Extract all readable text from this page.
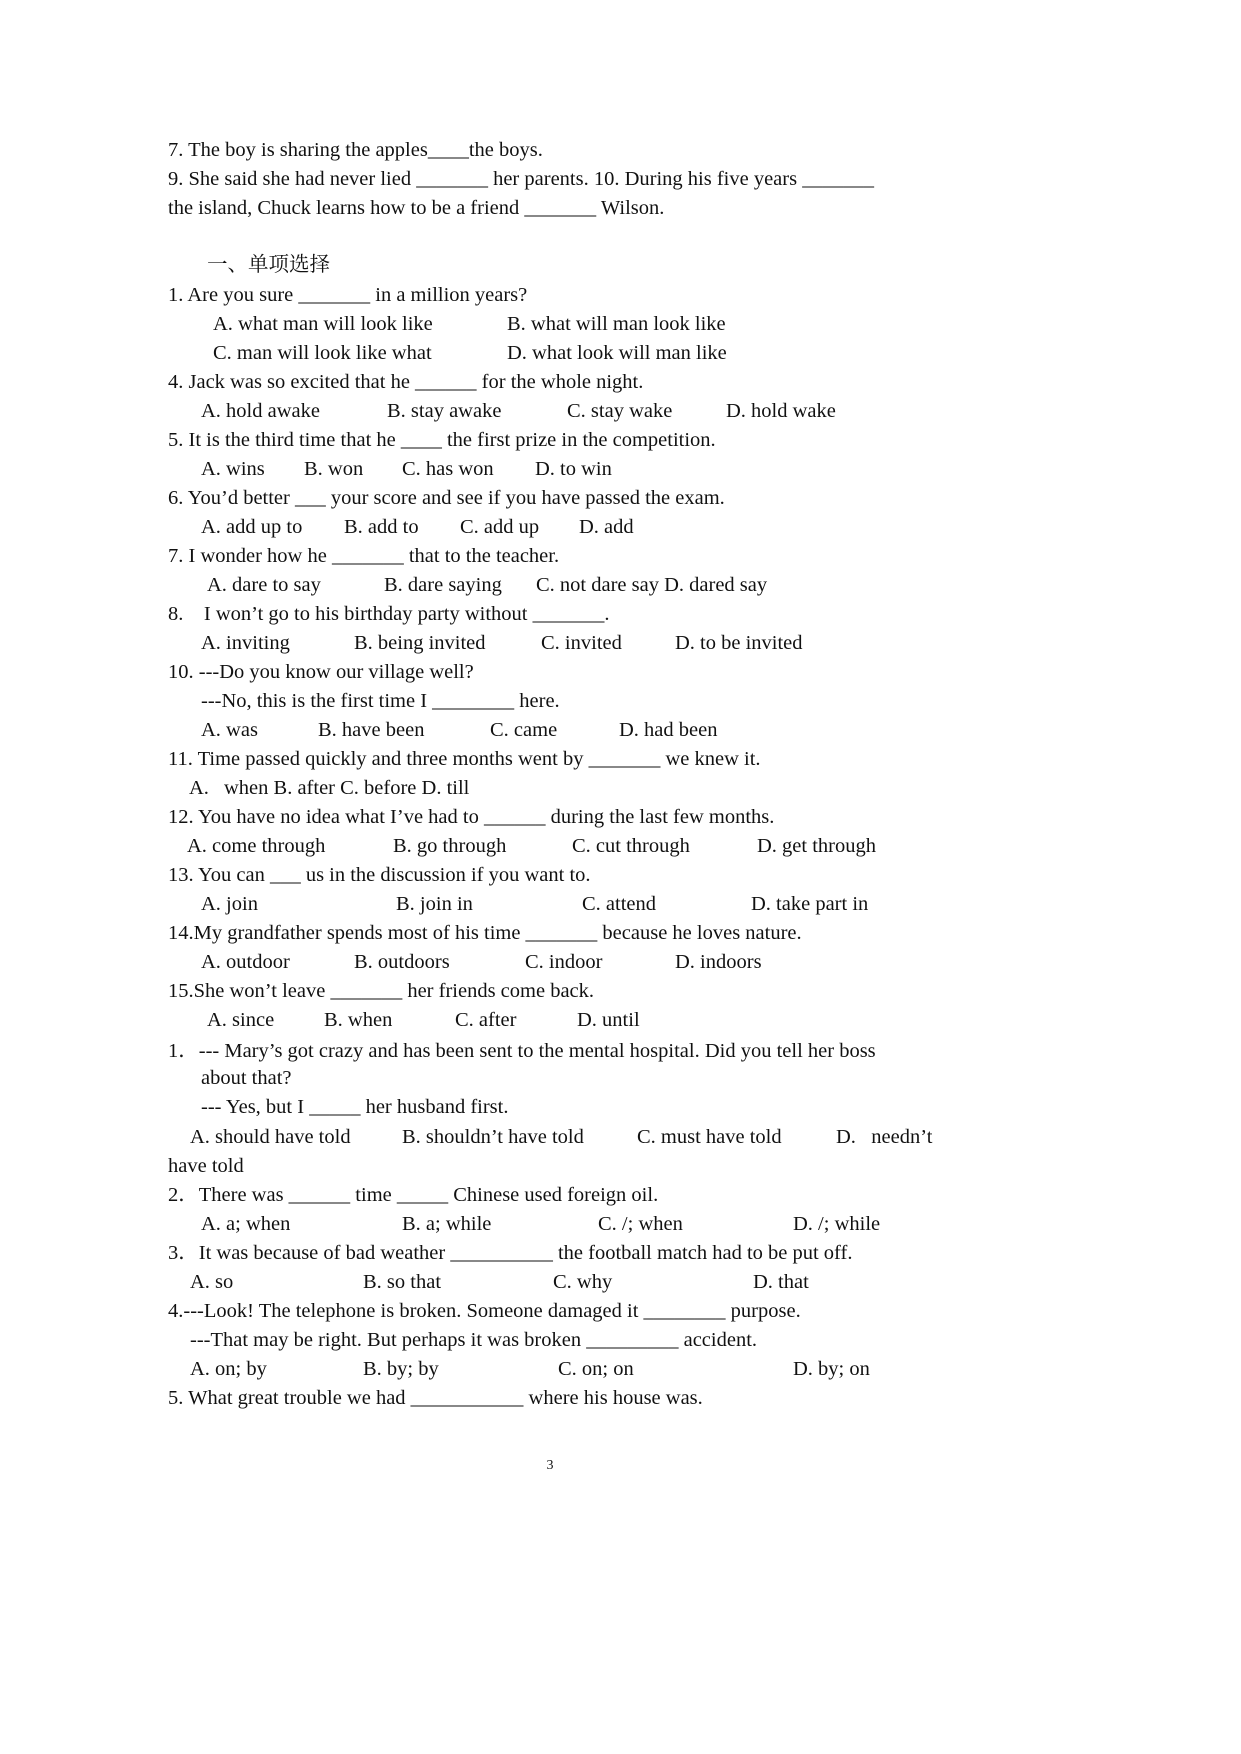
7. The boy is sharing the apples____the boys.
9. She said she had never lied _______ her parents. 10. During his five years _______
the island, Chuck learns how to be a friend _______ Wilson.
一、单项选择
1. Are you sure _______ in a million years?
A. what man will look like	B. what will man look like
C. man will look like what	D. what look will man like
4. Jack was so excited that he ______ for the whole night.
A. hold awake	B. stay awake	C. stay wake	D. hold wake
5. It is the third time that he ____ the first prize in the competition.
A. wins B. won C. has won D. to win
6. You’d better ___ your score and see if you have passed the exam.
A. add up to B. add to C. add up D. add
7. I wonder how he _______ that to the teacher.
A. dare to say	B. dare saying C. not dare say D. dared say
8.    I won’t go to his birthday party without _______.
A. inviting	B. being invited	C. invited	D. to be invited
10. ---Do you know our village well?
---No, this is the first time I ________ here.
A. was	B. have been	C. came	D. had been
11. Time passed quickly and three months went by _______ we knew it.
A. when B. after C. before D. till
12. You have no idea what I’ve had to ______ during the last few months.
A. come through	B. go through	C. cut through	D. get through
13. You can ___ us in the discussion if you want to.
A. join	B. join in	C. attend	D. take part in
14.My grandfather spends most of his time _______ because he loves nature.
A. outdoor	B. outdoors	C. indoor	D. indoors
15.She won’t leave _______ her friends come back.
A. since B. when	C. after	D. until
1．--- Mary’s got crazy and has been sent to the mental hospital. Did you tell her boss
about that?
--- Yes, but I _____ her husband first.
A. should have told	B. shouldn’t have told	C. must have told	D.   needn’t
have told
2．There was ______ time _____ Chinese used foreign oil.
A. a; when	B. a; while	C. /; when	D. /; while
3．It was because of bad weather __________ the football match had to be put off.
A. so	B. so that	C. why	D. that
4.---Look! The telephone is broken. Someone damaged it ________ purpose.
---That may be right. But perhaps it was broken _________ accident.
A. on; by	B. by; by	C. on; on	D. by; on
5. What great trouble we had ___________ where his house was.
3
